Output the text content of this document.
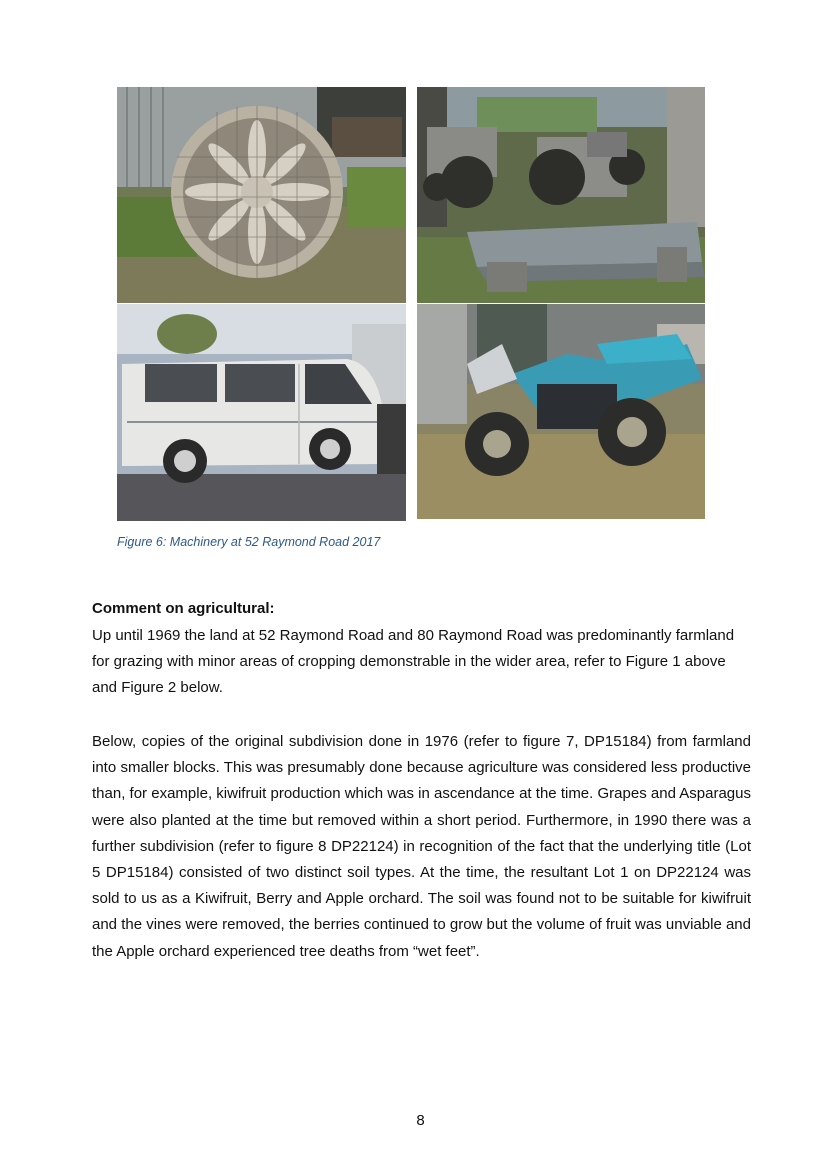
Figure 6: Machinery at 52 Raymond Road 2017
Comment on agricultural:

Up until 1969 the land at 52 Raymond Road and 80 Raymond Road was predominantly farmland for grazing with minor areas of cropping demonstrable in the wider area, refer to Figure 1 above and Figure 2 below.

Below, copies of the original subdivision done in 1976 (refer to figure 7, DP15184) from farmland into smaller blocks. This was presumably done because agriculture was considered less productive than, for example, kiwifruit production which was in ascendance at the time. Grapes and Asparagus were also planted at the time but removed within a short period. Furthermore, in 1990 there was a further subdivision (refer to figure 8 DP22124) in recognition of the fact that the underlying title (Lot 5 DP15184) consisted of two distinct soil types. At the time, the resultant Lot 1 on DP22124 was sold to us as a Kiwifruit, Berry and Apple orchard. The soil was found not to be suitable for kiwifruit and the vines were removed, the berries continued to grow but the volume of fruit was unviable and the Apple orchard experienced tree deaths from “wet feet”.

8
